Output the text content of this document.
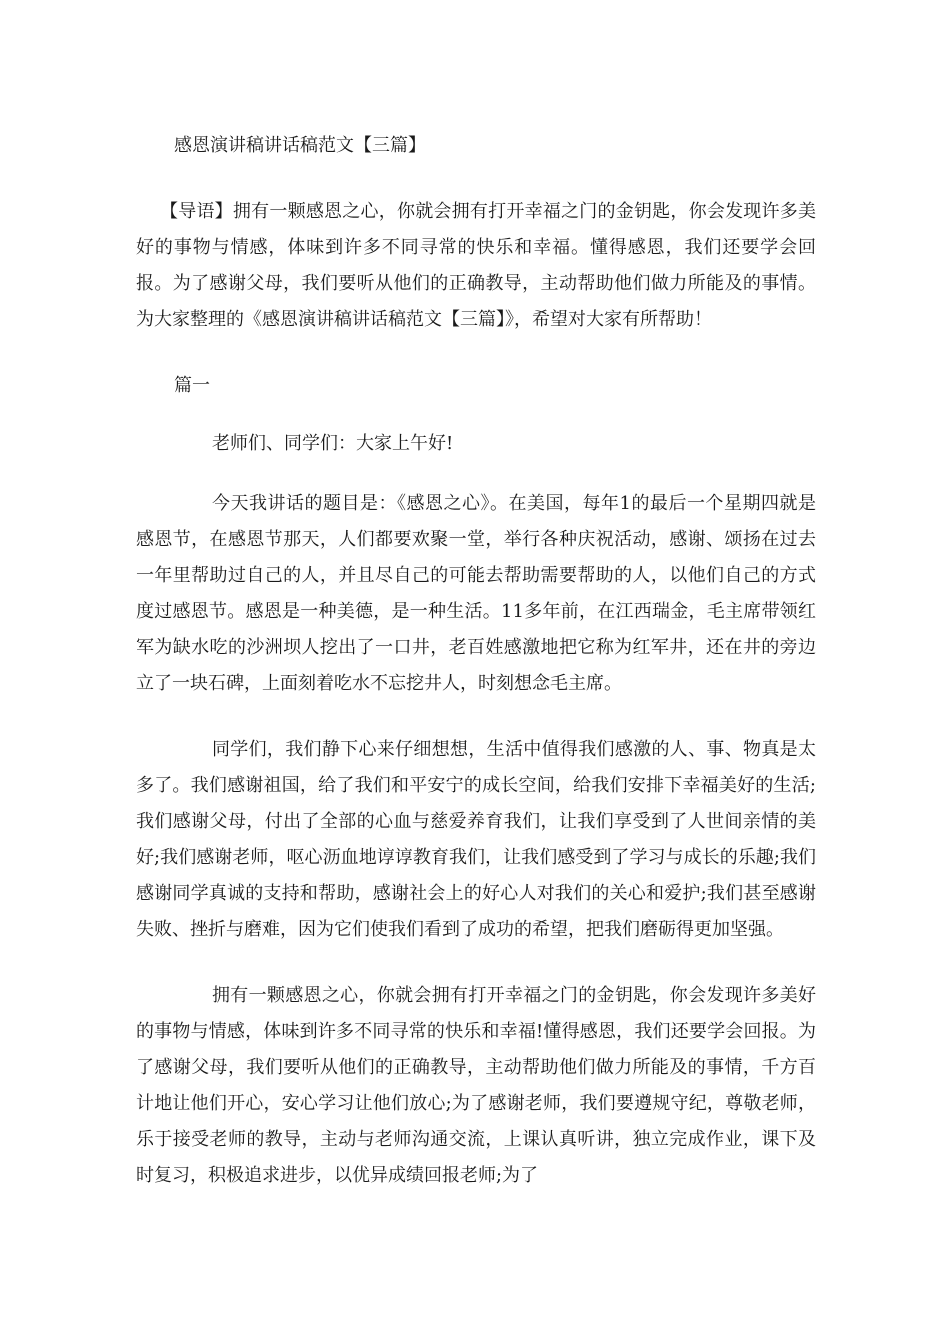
感恩演讲稿讲话稿范文【三篇】

【导语】拥有一颗感恩之心，你就会拥有打开幸福之门的金钥匙，你会发现许多美好的事物与情感，体味到许多不同寻常的快乐和幸福。懂得感恩，我们还要学会回报。为了感谢父母，我们要听从他们的正确教导，主动帮助他们做力所能及的事情。为大家整理的《感恩演讲稿讲话稿范文【三篇】》，希望对大家有所帮助！

篇一

老师们、同学们：大家上午好!

今天我讲话的题目是：《感恩之心》。在美国，每年1的最后一个星期四就是感恩节，在感恩节那天，人们都要欢聚一堂，举行各种庆祝活动，感谢、颂扬在过去一年里帮助过自己的人，并且尽自己的可能去帮助需要帮助的人，以他们自己的方式度过感恩节。感恩是一种美德，是一种生活。11多年前，在江西瑞金，毛主席带领红军为缺水吃的沙洲坝人挖出了一口井，老百姓感激地把它称为红军井，还在井的旁边立了一块石碑，上面刻着吃水不忘挖井人，时刻想念毛主席。

同学们，我们静下心来仔细想想，生活中值得我们感激的人、事、物真是太多了。我们感谢祖国，给了我们和平安宁的成长空间，给我们安排下幸福美好的生活;我们感谢父母，付出了全部的心血与慈爱养育我们，让我们享受到了人世间亲情的美好;我们感谢老师，呕心沥血地谆谆教育我们，让我们感受到了学习与成长的乐趣;我们感谢同学真诚的支持和帮助，感谢社会上的好心人对我们的关心和爱护;我们甚至感谢失败、挫折与磨难，因为它们使我们看到了成功的希望，把我们磨砺得更加坚强。

拥有一颗感恩之心，你就会拥有打开幸福之门的金钥匙，你会发现许多美好的事物与情感，体味到许多不同寻常的快乐和幸福!懂得感恩，我们还要学会回报。为了感谢父母，我们要听从他们的正确教导，主动帮助他们做力所能及的事情，千方百计地让他们开心，安心学习让他们放心;为了感谢老师，我们要遵规守纪，尊敬老师，乐于接受老师的教导，主动与老师沟通交流，上课认真听讲，独立完成作业，课下及时复习，积极追求进步，以优异成绩回报老师;为了
